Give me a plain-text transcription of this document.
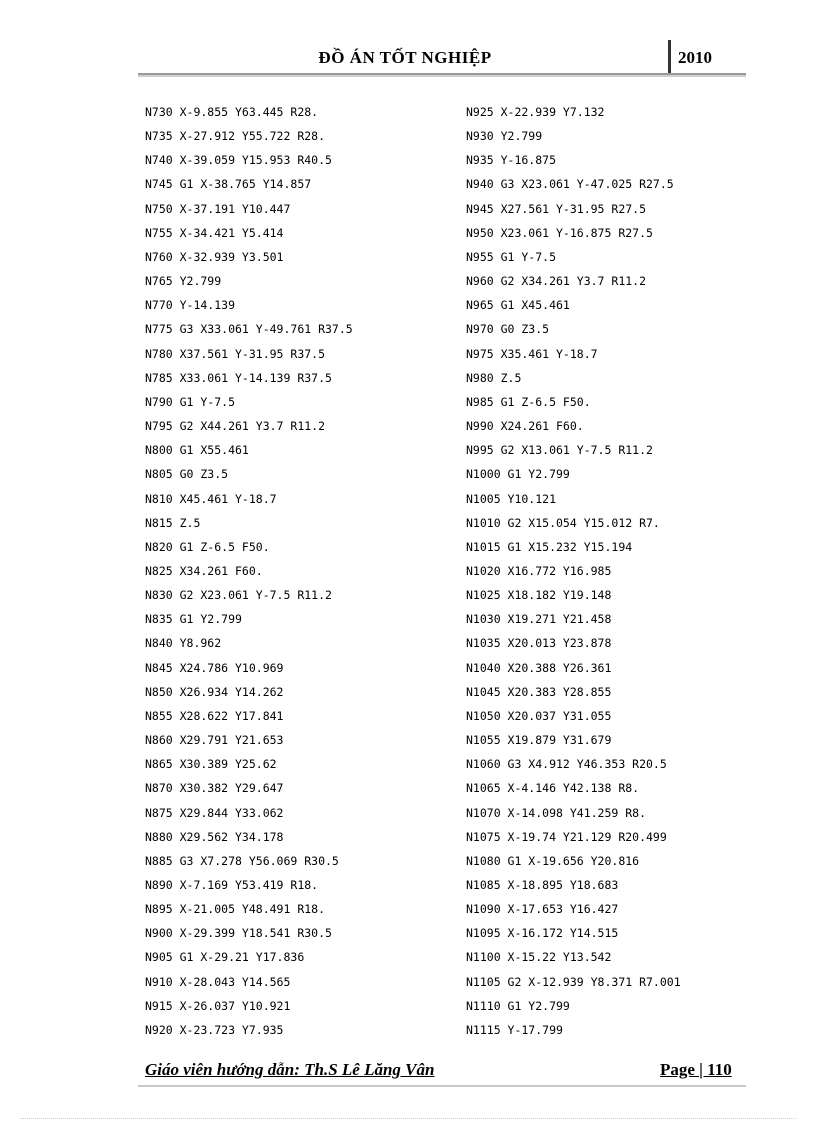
ĐỒ ÁN TỐT NGHIỆP	2010
N730 X-9.855 Y63.445 R28.
N735 X-27.912 Y55.722 R28.
N740 X-39.059 Y15.953 R40.5
N745 G1 X-38.765 Y14.857
N750 X-37.191 Y10.447
N755 X-34.421 Y5.414
N760 X-32.939 Y3.501
N765 Y2.799
N770 Y-14.139
N775 G3 X33.061 Y-49.761 R37.5
N780 X37.561 Y-31.95 R37.5
N785 X33.061 Y-14.139 R37.5
N790 G1 Y-7.5
N795 G2 X44.261 Y3.7 R11.2
N800 G1 X55.461
N805 G0 Z3.5
N810 X45.461 Y-18.7
N815 Z.5
N820 G1 Z-6.5 F50.
N825 X34.261 F60.
N830 G2 X23.061 Y-7.5 R11.2
N835 G1 Y2.799
N840 Y8.962
N845 X24.786 Y10.969
N850 X26.934 Y14.262
N855 X28.622 Y17.841
N860 X29.791 Y21.653
N865 X30.389 Y25.62
N870 X30.382 Y29.647
N875 X29.844 Y33.062
N880 X29.562 Y34.178
N885 G3 X7.278 Y56.069 R30.5
N890 X-7.169 Y53.419 R18.
N895 X-21.005 Y48.491 R18.
N900 X-29.399 Y18.541 R30.5
N905 G1 X-29.21 Y17.836
N910 X-28.043 Y14.565
N915 X-26.037 Y10.921
N920 X-23.723 Y7.935
N925 X-22.939 Y7.132
N930 Y2.799
N935 Y-16.875
N940 G3 X23.061 Y-47.025 R27.5
N945 X27.561 Y-31.95 R27.5
N950 X23.061 Y-16.875 R27.5
N955 G1 Y-7.5
N960 G2 X34.261 Y3.7 R11.2
N965 G1 X45.461
N970 G0 Z3.5
N975 X35.461 Y-18.7
N980 Z.5
N985 G1 Z-6.5 F50.
N990 X24.261 F60.
N995 G2 X13.061 Y-7.5 R11.2
N1000 G1 Y2.799
N1005 Y10.121
N1010 G2 X15.054 Y15.012 R7.
N1015 G1 X15.232 Y15.194
N1020 X16.772 Y16.985
N1025 X18.182 Y19.148
N1030 X19.271 Y21.458
N1035 X20.013 Y23.878
N1040 X20.388 Y26.361
N1045 X20.383 Y28.855
N1050 X20.037 Y31.055
N1055 X19.879 Y31.679
N1060 G3 X4.912 Y46.353 R20.5
N1065 X-4.146 Y42.138 R8.
N1070 X-14.098 Y41.259 R8.
N1075 X-19.74 Y21.129 R20.499
N1080 G1 X-19.656 Y20.816
N1085 X-18.895 Y18.683
N1090 X-17.653 Y16.427
N1095 X-16.172 Y14.515
N1100 X-15.22 Y13.542
N1105 G2 X-12.939 Y8.371 R7.001
N1110 G1 Y2.799
N1115 Y-17.799
Giáo viên hướng dẫn: Th.S Lê Lăng Vân	Page | 110
